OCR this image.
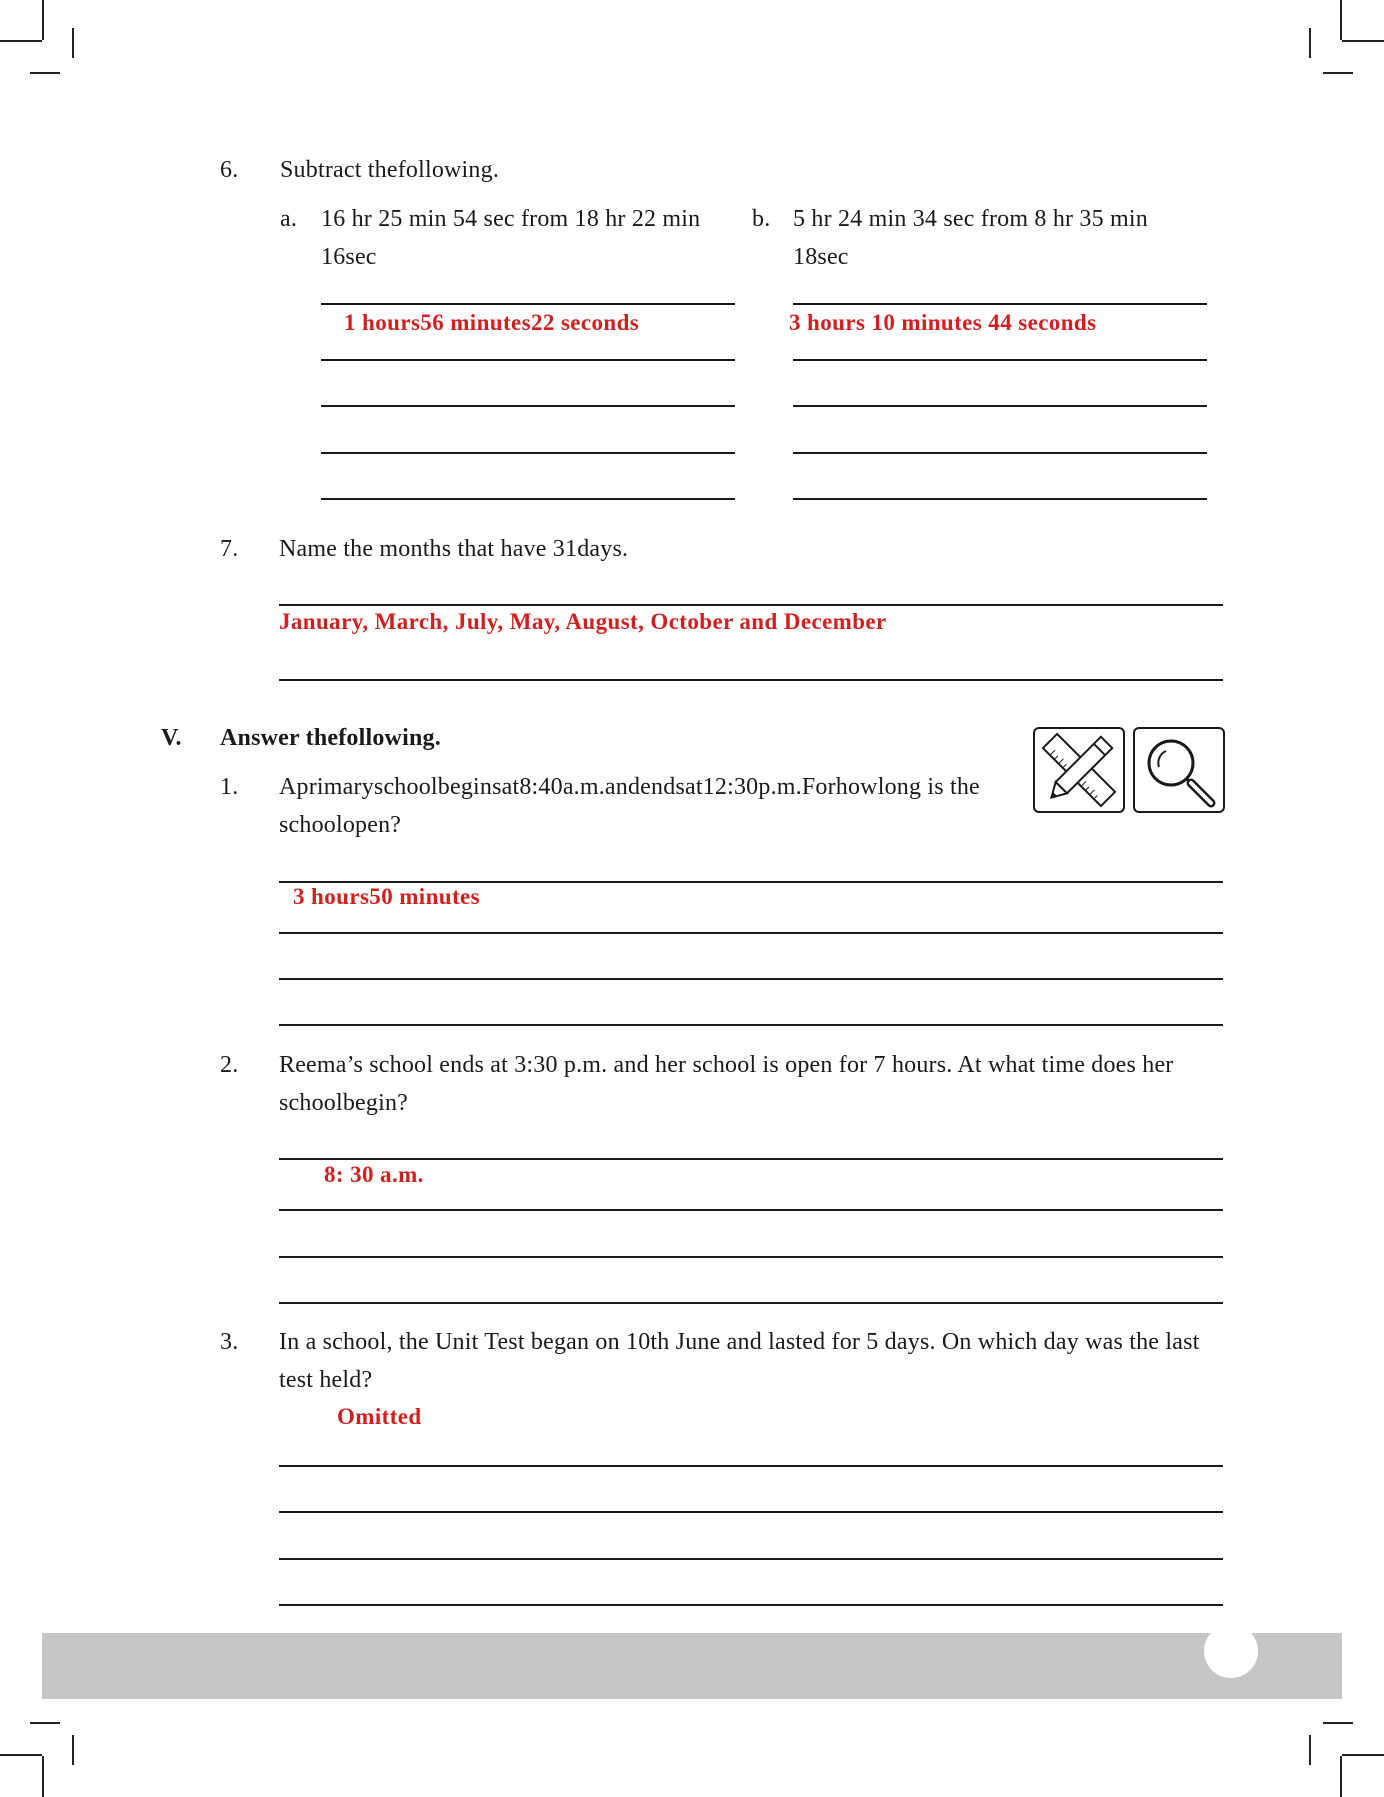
6. Subtract thefollowing.
a. 16 hr 25 min 54 sec from 18 hr 22 min
16sec
b. 5 hr 24 min 34 sec from 8 hr 35 min
18sec
1 hours56 minutes22 seconds	3 hours 10 minutes 44 seconds
7. Name the months that have 31days.
January, March, July, May, August, October and December
V. Answer thefollowing.
1. Aprimaryschoolbeginsat8:40a.m.andendsat12:30p.m.Forhowlong is the
schoolopen?
3 hours50 minutes
2. Reema’s school ends at 3:30 p.m. and her school is open for 7 hours. At what time does her
schoolbegin?
8: 30 a.m.
3. In a school, the Unit Test began on 10th June and lasted for 5 days. On which day was the last
test held?
Omitted
